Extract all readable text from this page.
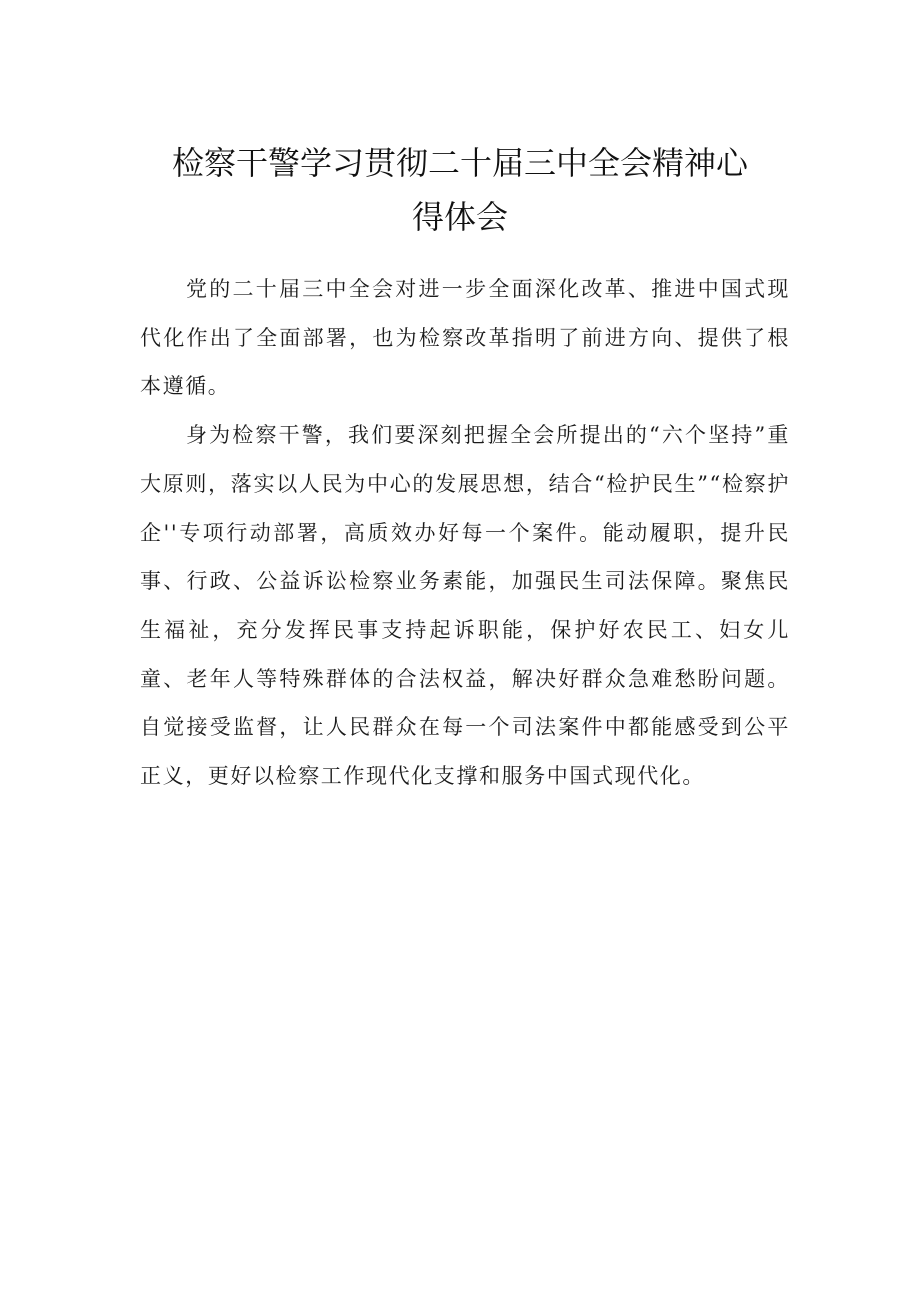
检察干警学习贯彻二十届三中全会精神心
得体会

党的二十届三中全会对进一步全面深化改革、推进中国式现代化作出了全面部署，也为检察改革指明了前进方向、提供了根本遵循。

身为检察干警，我们要深刻把握全会所提出的“六个坚持”重大原则，落实以人民为中心的发展思想，结合“检护民生”“检察护企''专项行动部署，高质效办好每一个案件。能动履职，提升民事、行政、公益诉讼检察业务素能，加强民生司法保障。聚焦民生福祉，充分发挥民事支持起诉职能，保护好农民工、妇女儿童、老年人等特殊群体的合法权益，解决好群众急难愁盼问题。自觉接受监督，让人民群众在每一个司法案件中都能感受到公平正义，更好以检察工作现代化支撑和服务中国式现代化。
